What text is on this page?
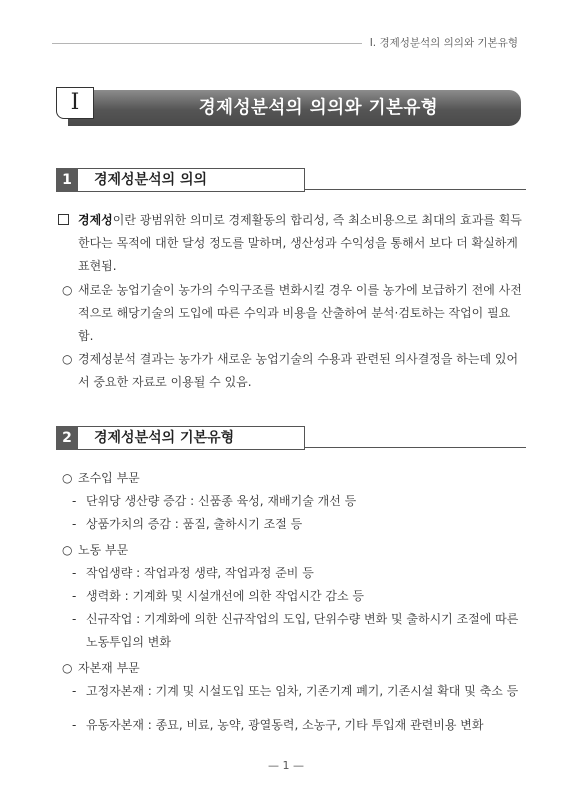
Ⅰ. 경제성분석의 의의와 기본유형
경제성분석의 의의와 기본유형
Ⅰ
1	경제성분석의 의의
경제성이란 광범위한 의미로 경제활동의 합리성, 즉 최소비용으로 최대의 효과를 획득한다는 목적에 대한 달성 정도를 말하며, 생산성과 수익성을 통해서 보다 더 확실하게 표현됨.
○ 새로운 농업기술이 농가의 수익구조를 변화시킬 경우 이를 농가에 보급하기 전에 사전적으로 해당기술의 도입에 따른 수익과 비용을 산출하여 분석·검토하는 작업이 필요함.
○ 경제성분석 결과는 농가가 새로운 농업기술의 수용과 관련된 의사결정을 하는데 있어서 중요한 자료로 이용될 수 있음.
2	경제성분석의 기본유형
○ 조수입 부문
- 단위당 생산량 증감 : 신품종 육성, 재배기술 개선 등
- 상품가치의 증감 : 품질, 출하시기 조절 등
○ 노동 부문
- 작업생략 : 작업과정 생략, 작업과정 준비 등
- 생력화 : 기계화 및 시설개선에 의한 작업시간 감소 등
- 신규작업 : 기계화에 의한 신규작업의 도입, 단위수량 변화 및 출하시기 조절에 따른 노동투입의 변화
○ 자본재 부문
- 고정자본재 : 기계 및 시설도입 또는 임차, 기존기계 폐기, 기존시설 확대 및 축소 등
- 유동자본재 : 종묘, 비료, 농약, 광열동력, 소농구, 기타 투입재 관련비용 변화
— 1 —
